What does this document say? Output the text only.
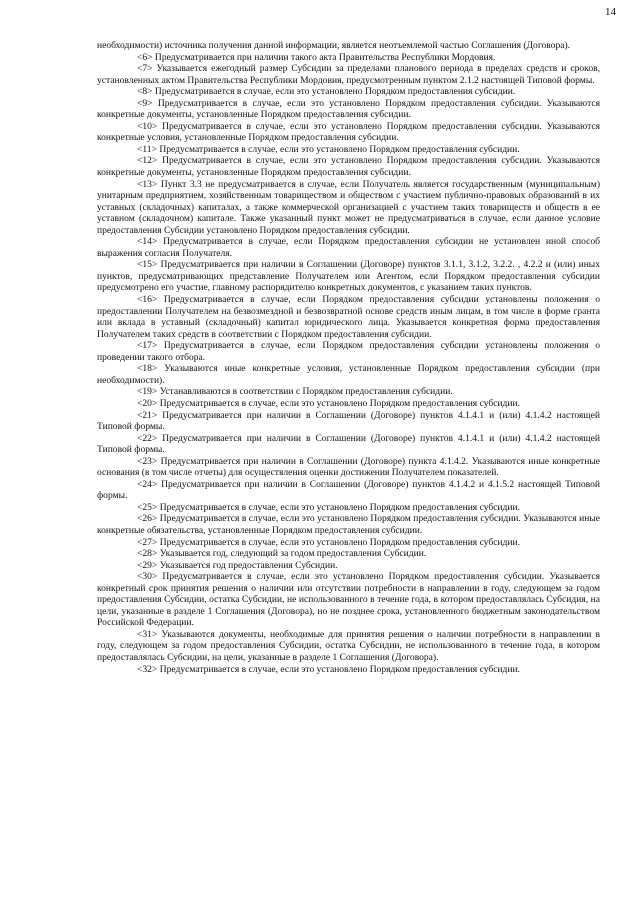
14

необходимости) источника получения данной информации, является неотъемлемой частью Соглашения (Договора).

<6> Предусматривается при наличии такого акта Правительства Республики Мордовия.

<7> Указывается ежегодный размер Субсидии за пределами планового периода в пределах средств и сроков, установленных актом Правительства Республики Мордовия, предусмотренным пунктом 2.1.2 настоящей Типовой формы.

<8> Предусматривается в случае, если это установлено Порядком предоставления субсидии.

<9> Предусматривается в случае, если это установлено Порядком предоставления субсидии. Указываются конкретные документы, установленные Порядком предоставления субсидии.

<10> Предусматривается в случае, если это установлено Порядком предоставления субсидии. Указываются конкретные условия, установленные Порядком предоставления субсидии.

<11> Предусматривается в случае, если это установлено Порядком предоставления субсидии.

<12> Предусматривается в случае, если это установлено Порядком предоставления субсидии. Указываются конкретные документы, установленные Порядком предоставления субсидии.

<13> Пункт 3.3 не предусматривается в случае, если Получатель является государственным (муниципальным) унитарным предприятием, хозяйственным товариществом и обществом с участием публично-правовых образований в их уставных (складочных) капиталах, а также коммерческой организацией с участием таких товариществ и обществ в ее уставном (складочном) капитале. Также указанный пункт может не предусматриваться в случае, если данное условие предоставления Субсидии установлено Порядком предоставления субсидии.

<14> Предусматривается в случае, если Порядком предоставления субсидии не установлен иной способ выражения согласия Получателя.

<15> Предусматривается при наличии в Соглашении (Договоре) пунктов 3.1.1, 3.1.2, 3.2.2. , 4.2.2 и (или) иных пунктов, предусматривающих представление Получателем или Агентом, если Порядком предоставления субсидии предусмотрено его участие, главному распорядителю конкретных документов, с указанием таких пунктов.

<16> Предусматривается в случае, если Порядком предоставления субсидии установлены положения о предоставлении Получателем на безвозмездной и безвозвратной основе средств иным лицам, в том числе в форме гранта или вклада в уставный (складочный) капитал юридического лица. Указывается конкретная форма предоставления Получателем таких средств в соответствии с Порядком предоставления субсидии.

<17> Предусматривается в случае, если Порядком предоставления субсидии установлены положения о проведении такого отбора.

<18> Указываются иные конкретные условия, установленные Порядком предоставления субсидии (при необходимости).

<19> Устанавливаются в соответствии с Порядком предоставления субсидии.

<20> Предусматривается в случае, если это установлено Порядком предоставления субсидии.

<21> Предусматривается при наличии в Соглашении (Договоре) пунктов 4.1.4.1 и (или) 4.1.4.2 настоящей Типовой формы.

<22> Предусматривается при наличии в Соглашении (Договоре) пунктов 4.1.4.1 и (или) 4.1.4.2 настоящей Типовой формы.

<23> Предусматривается при наличии в Соглашении (Договоре) пункта 4.1.4.2. Указываются иные конкретные основания (в том числе отчеты) для осуществления оценки достижения Получателем показателей.

<24> Предусматривается при наличии в Соглашении (Договоре) пунктов 4.1.4.2 и 4.1.5.2 настоящей Типовой формы.

<25> Предусматривается в случае, если это установлено Порядком предоставления субсидии.

<26> Предусматривается в случае, если это установлено Порядком предоставления субсидии. Указываются иные конкретные обязательства, установленные Порядком предоставления субсидии.

<27> Предусматривается в случае, если это установлено Порядком предоставления субсидии.

<28> Указывается год, следующий за годом предоставления Субсидии.

<29> Указывается год предоставления Субсидии.

<30> Предусматривается в случае, если это установлено Порядком предоставления субсидии. Указывается конкретный срок принятия решения о наличии или отсутствии потребности в направлении в году, следующем за годом предоставления Субсидии, остатка Субсидии, не использованного в течение года, в котором предоставлялась Субсидия, на цели, указанные в разделе 1 Соглашения (Договора), но не позднее срока, установленного бюджетным законодательством Российской Федерации.

<31> Указываются документы, необходимые для принятия решения о наличии потребности в направлении в году, следующем за годом предоставления Субсидии, остатка Субсидии, не использованного в течение года, в котором предоставлялась Субсидии, на цели, указанные в разделе 1 Соглашения (Договора).

<32> Предусматривается в случае, если это установлено Порядком предоставления субсидии.
